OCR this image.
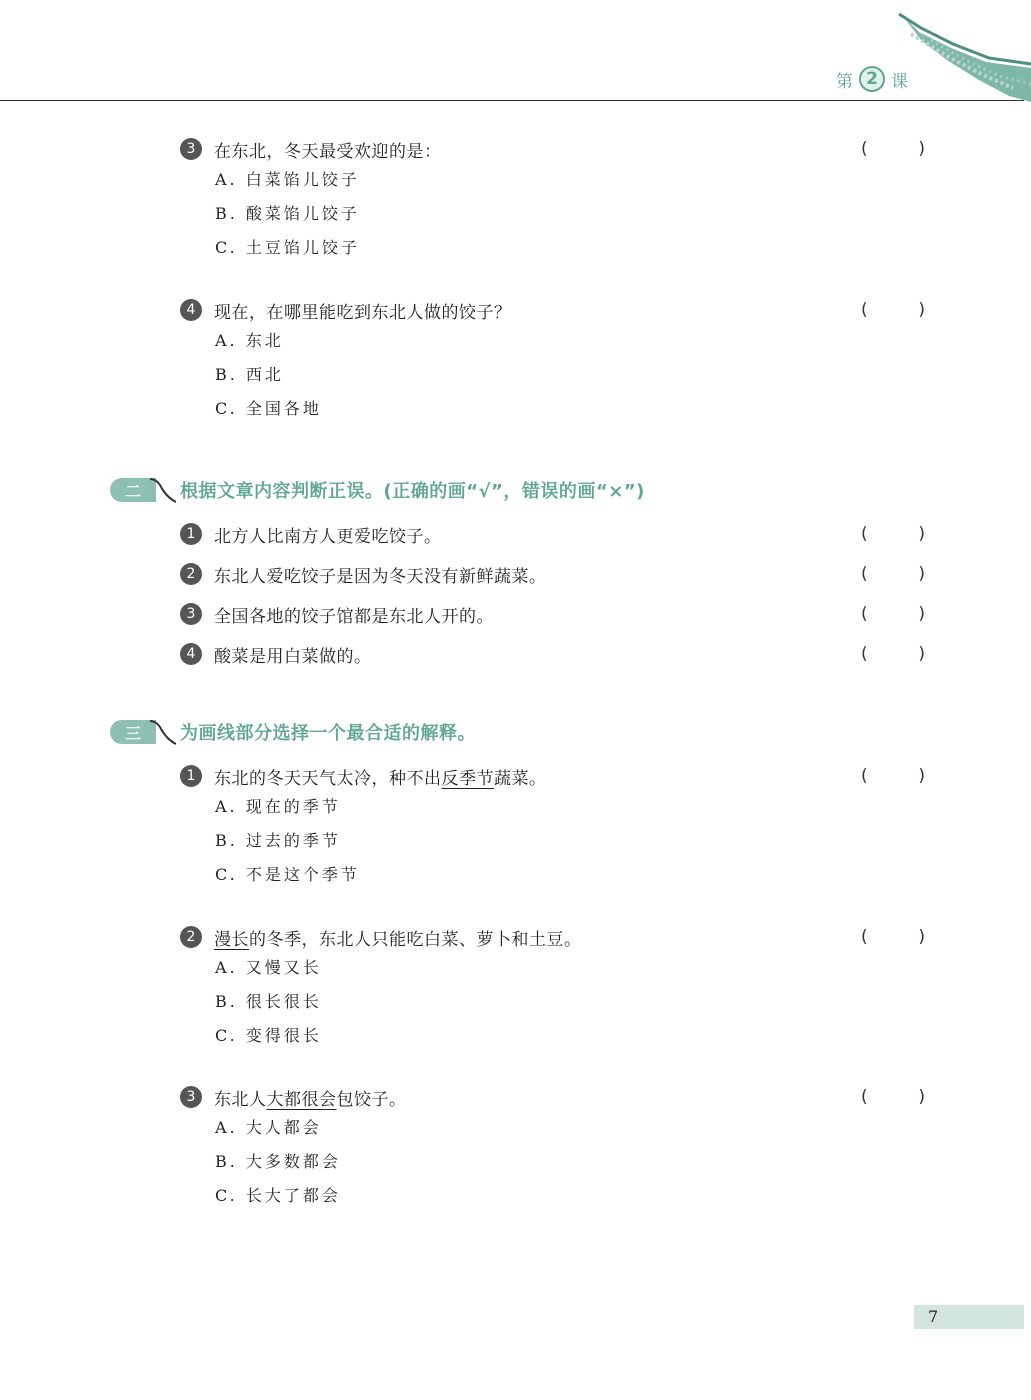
第 2 课
3	在东北，冬天最受欢迎的是：	(	)
A. 白菜馅儿饺子
B. 酸菜馅儿饺子
C. 土豆馅儿饺子
4	现在，在哪里能吃到东北人做的饺子？	(	)
A. 东北
B. 西北
C. 全国各地
二	根据文章内容判断正误。(正确的画“√”，错误的画“×”)
1	北方人比南方人更爱吃饺子。	(	)
2	东北人爱吃饺子是因为冬天没有新鲜蔬菜。	(	)
3	全国各地的饺子馆都是东北人开的。	(	)
4	酸菜是用白菜做的。	(	)
三	为画线部分选择一个最合适的解释。
1	东北的冬天天气太冷，种不出反季节蔬菜。	(	)
A. 现在的季节
B. 过去的季节
C. 不是这个季节
2	漫长的冬季，东北人只能吃白菜、萝卜和土豆。	(	)
A. 又慢又长
B. 很长很长
C. 变得很长
3	东北人大都很会包饺子。	(	)
A. 大人都会
B. 大多数都会
C. 长大了都会
7
